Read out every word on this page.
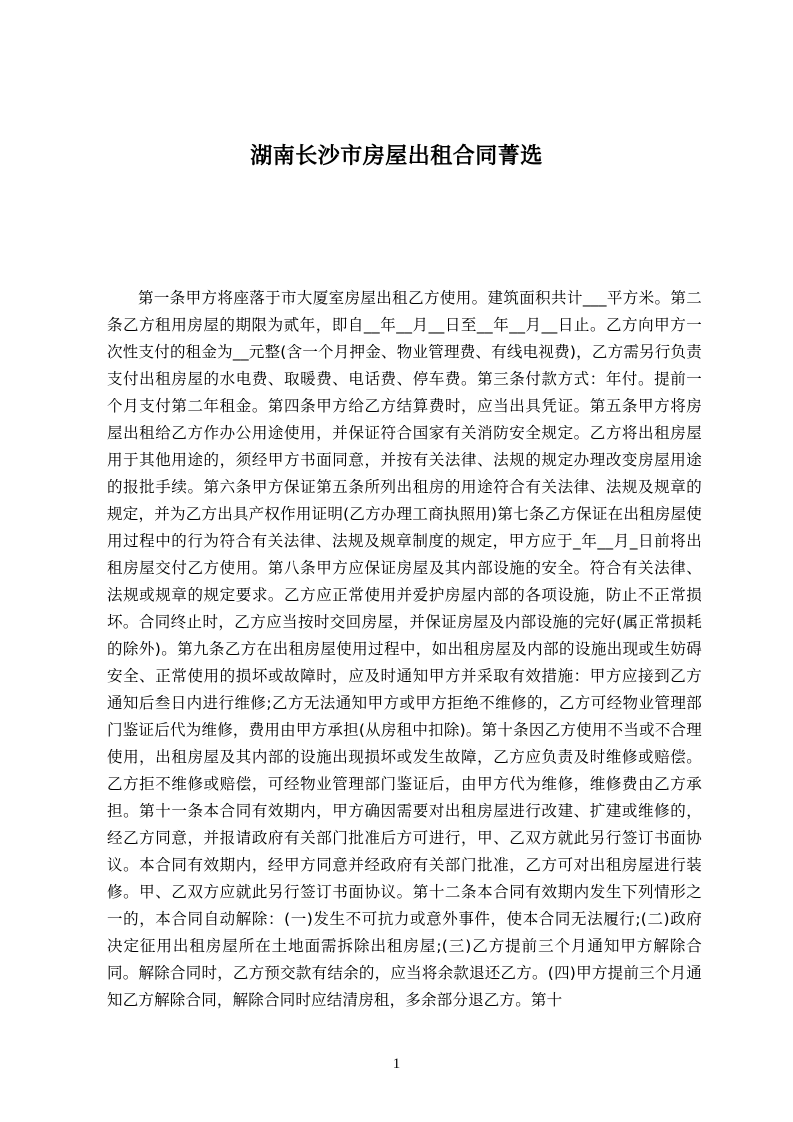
湖南长沙市房屋出租合同菁选

第一条甲方将座落于市大厦室房屋出租乙方使用。建筑面积共计___平方米。第二条乙方租用房屋的期限为贰年，即自__年__月__日至__年__月__日止。乙方向甲方一次性支付的租金为__元整(含一个月押金、物业管理费、有线电视费)，乙方需另行负责支付出租房屋的水电费、取暖费、电话费、停车费。第三条付款方式：年付。提前一个月支付第二年租金。第四条甲方给乙方结算费时，应当出具凭证。第五条甲方将房屋出租给乙方作办公用途使用，并保证符合国家有关消防安全规定。乙方将出租房屋用于其他用途的，须经甲方书面同意，并按有关法律、法规的规定办理改变房屋用途的报批手续。第六条甲方保证第五条所列出租房的用途符合有关法律、法规及规章的规定，并为乙方出具产权作用证明(乙方办理工商执照用)第七条乙方保证在出租房屋使用过程中的行为符合有关法律、法规及规章制度的规定，甲方应于_年__月_日前将出租房屋交付乙方使用。第八条甲方应保证房屋及其内部设施的安全。符合有关法律、法规或规章的规定要求。乙方应正常使用并爱护房屋内部的各项设施，防止不正常损坏。合同终止时，乙方应当按时交回房屋，并保证房屋及内部设施的完好(属正常损耗的除外)。第九条乙方在出租房屋使用过程中，如出租房屋及内部的设施出现或生妨碍安全、正常使用的损坏或故障时，应及时通知甲方并采取有效措施：甲方应接到乙方通知后叁日内进行维修;乙方无法通知甲方或甲方拒绝不维修的，乙方可经物业管理部门鉴证后代为维修，费用由甲方承担(从房租中扣除)。第十条因乙方使用不当或不合理使用，出租房屋及其内部的设施出现损坏或发生故障，乙方应负责及时维修或赔偿。乙方拒不维修或赔偿，可经物业管理部门鉴证后，由甲方代为维修，维修费由乙方承担。第十一条本合同有效期内，甲方确因需要对出租房屋进行改建、扩建或维修的，经乙方同意，并报请政府有关部门批准后方可进行，甲、乙双方就此另行签订书面协议。本合同有效期内，经甲方同意并经政府有关部门批准，乙方可对出租房屋进行装修。甲、乙双方应就此另行签订书面协议。第十二条本合同有效期内发生下列情形之一的，本合同自动解除：(一)发生不可抗力或意外事件，使本合同无法履行;(二)政府决定征用出租房屋所在土地面需拆除出租房屋;(三)乙方提前三个月通知甲方解除合同。解除合同时，乙方预交款有结余的，应当将余款退还乙方。(四)甲方提前三个月通知乙方解除合同，解除合同时应结清房租，多余部分退乙方。第十

1
